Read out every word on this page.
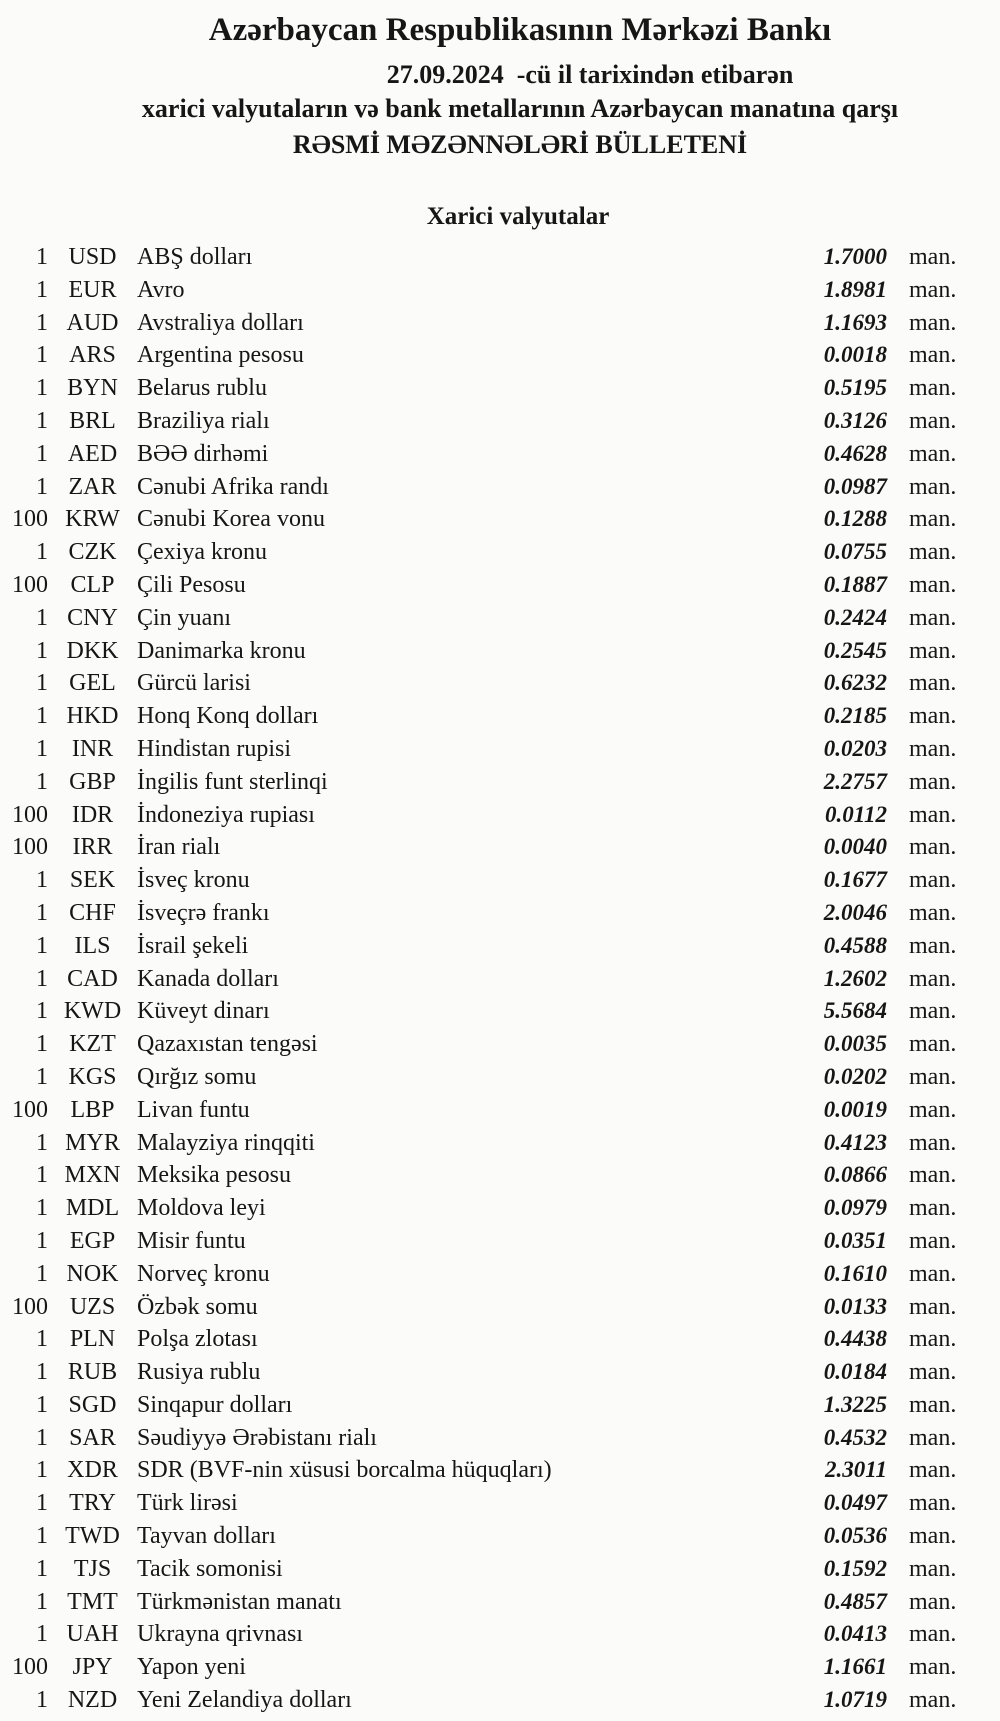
Azərbaycan Respublikasının Mərkəzi Bankı
27.09.2024  -cü il tarixindən etibarən
xarici valyutaların və bank metallarının Azərbaycan manatına qarşı
RƏSMİ MƏZƏNNƏLƏRİ BÜLLETENİ
Xarici valyutalar
1 USD ABŞ dolları	1.7000 man.
1 EUR Avro	1.8981 man.
1 AUD Avstraliya dolları	1.1693 man.
1 ARS Argentina pesosu	0.0018 man.
1 BYN Belarus rublu	0.5195 man.
1 BRL Braziliya rialı	0.3126 man.
1 AED BƏƏ dirhəmi	0.4628 man.
1 ZAR Cənubi Afrika randı	0.0987 man.
100 KRW Cənubi Korea vonu	0.1288 man.
1 CZK Çexiya kronu	0.0755 man.
100 CLP Çili Pesosu	0.1887 man.
1 CNY Çin yuanı	0.2424 man.
1 DKK Danimarka kronu	0.2545 man.
1 GEL Gürcü larisi	0.6232 man.
1 HKD Honq Konq dolları	0.2185 man.
1 INR Hindistan rupisi	0.0203 man.
1 GBP İngilis funt sterlinqi	2.2757 man.
100 IDR İndoneziya rupiası	0.0112 man.
100	IRR	İran rialı	0.0040 man.
1 SEK İsveç kronu	0.1677 man.
1 CHF İsveçrə frankı	2.0046 man.
1	ILS	İsrail şekeli	0.4588 man.
1 CAD Kanada dolları	1.2602 man.
1 KWD Küveyt dinarı	5.5684 man.
1 KZT Qazaxıstan tengəsi	0.0035 man.
1 KGS Qırğız somu	0.0202 man.
100 LBP Livan funtu	0.0019 man.
1 MYR Malayziya rinqqiti	0.4123 man.
1 MXN Meksika pesosu	0.0866 man.
1 MDL Moldova leyi	0.0979 man.
1 EGP Misir funtu	0.0351 man.
1 NOK Norveç kronu	0.1610 man.
100 UZS Özbək somu	0.0133 man.
1 PLN Polşa zlotası	0.4438 man.
1 RUB Rusiya rublu	0.0184 man.
1 SGD Sinqapur dolları	1.3225 man.
1 SAR Səudiyyə Ərəbistanı rialı	0.4532 man.
1 XDR SDR (BVF-nin xüsusi borcalma hüquqları)	2.3011 man.
1 TRY Türk lirəsi	0.0497 man.
1 TWD Tayvan dolları	0.0536 man.
1	TJS	Tacik somonisi	0.1592 man.
1 TMT Türkmənistan manatı	0.4857 man.
1 UAH Ukrayna qrivnası	0.0413 man.
100	JPY	Yapon yeni	1.1661 man.
1 NZD Yeni Zelandiya dolları	1.0719 man.
